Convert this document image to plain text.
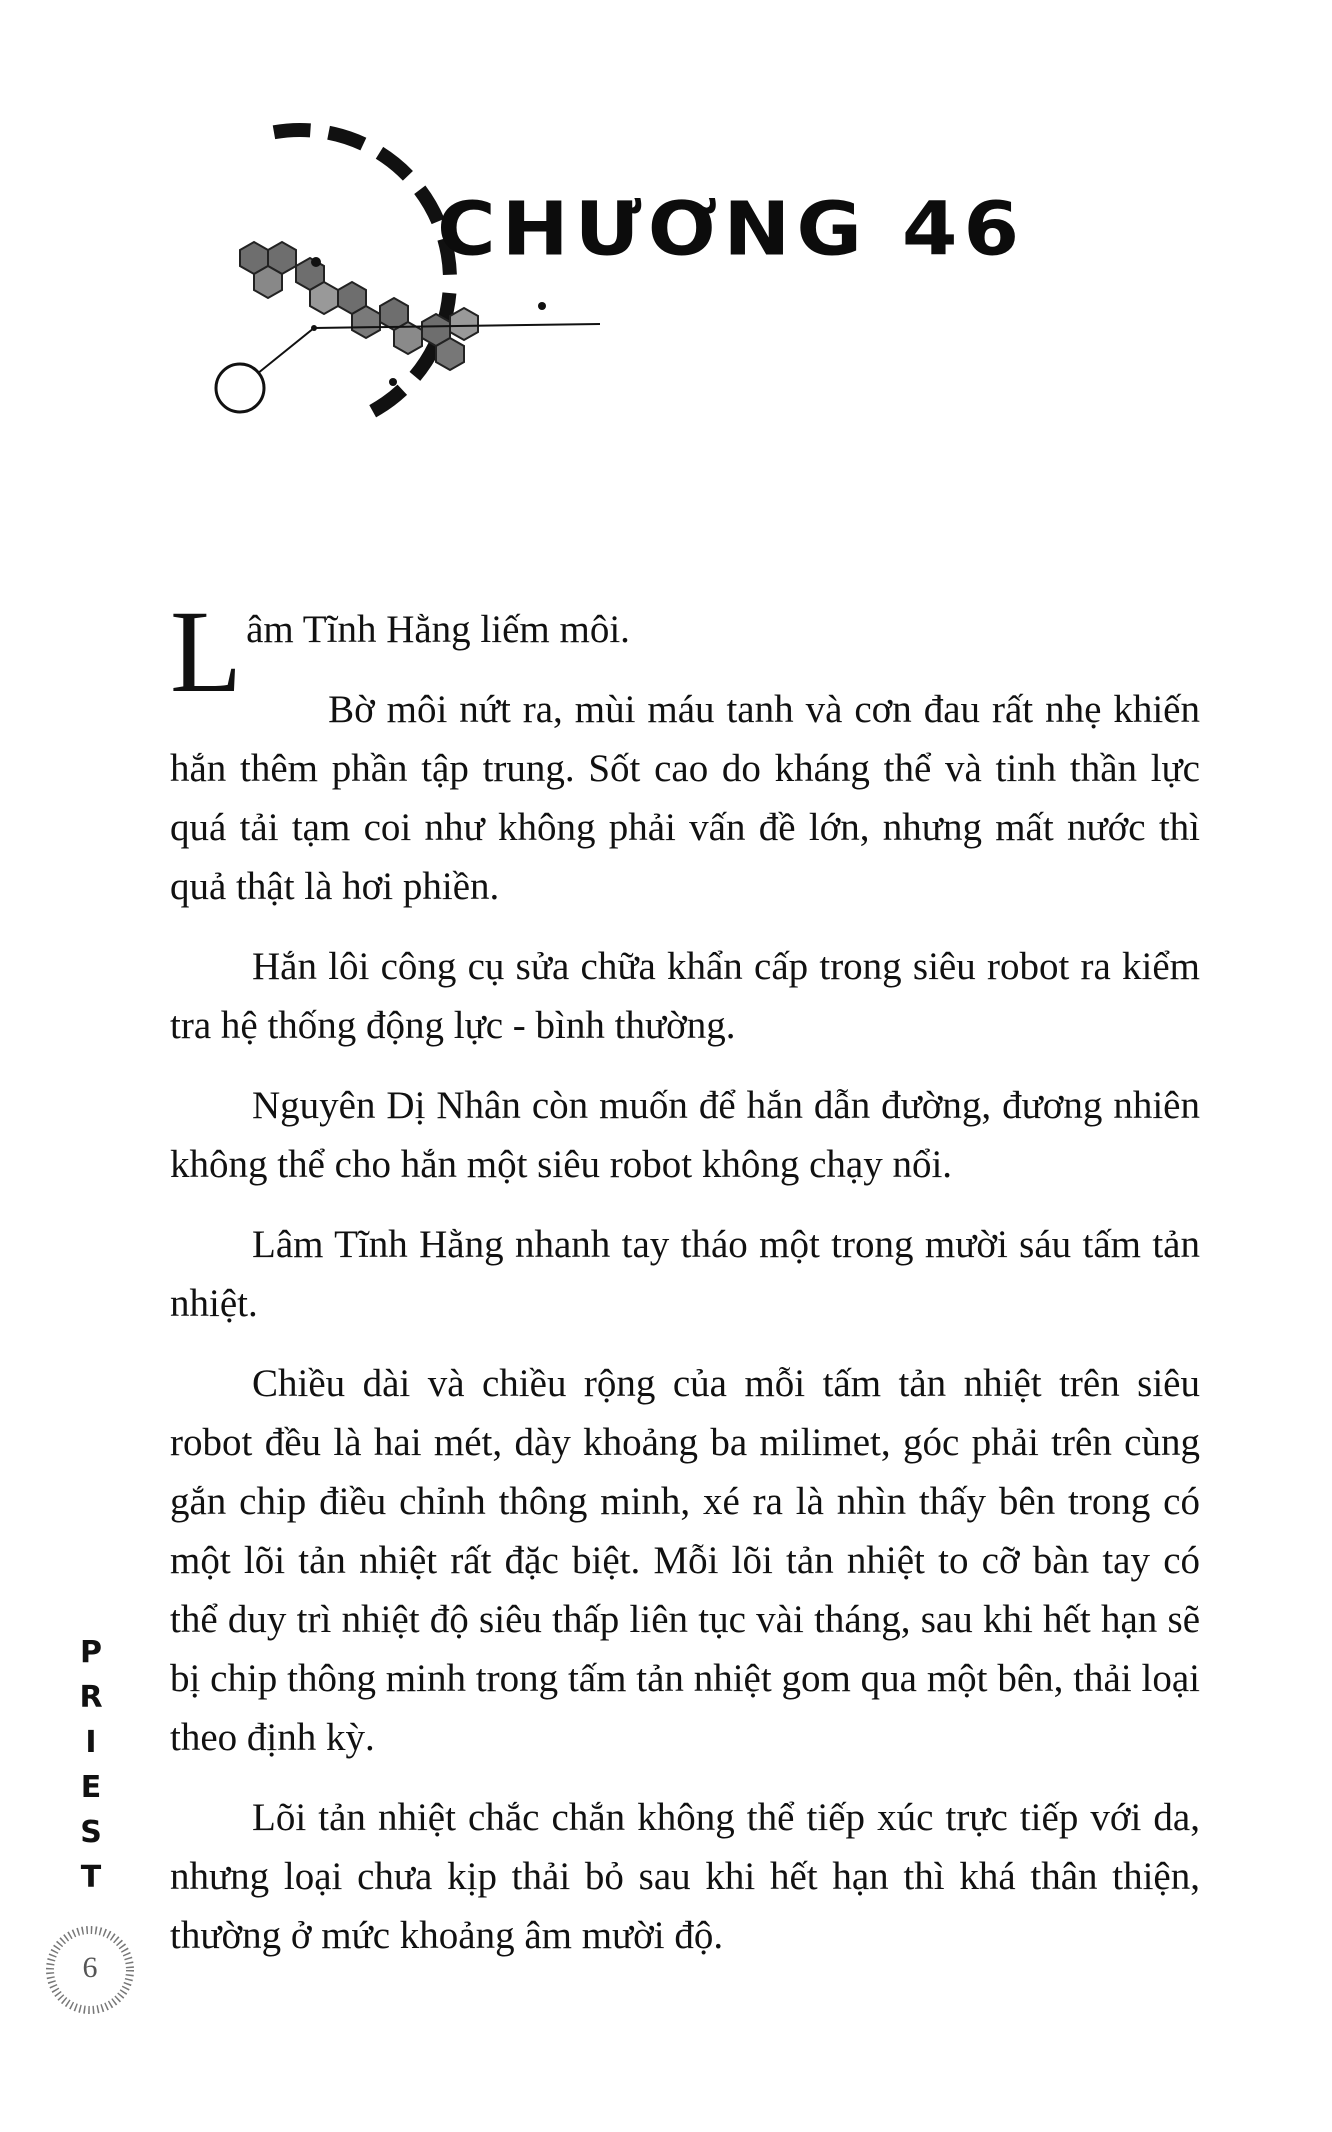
CHƯƠNG 46

Lâm Tĩnh Hằng liếm môi.

Bờ môi nứt ra, mùi máu tanh và cơn đau rất nhẹ khiến hắn thêm phần tập trung. Sốt cao do kháng thể và tinh thần lực quá tải tạm coi như không phải vấn đề lớn, nhưng mất nước thì quả thật là hơi phiền.

Hắn lôi công cụ sửa chữa khẩn cấp trong siêu robot ra kiểm tra hệ thống động lực - bình thường.

Nguyên Dị Nhân còn muốn để hắn dẫn đường, đương nhiên không thể cho hắn một siêu robot không chạy nổi.

Lâm Tĩnh Hằng nhanh tay tháo một trong mười sáu tấm tản nhiệt.

Chiều dài và chiều rộng của mỗi tấm tản nhiệt trên siêu robot đều là hai mét, dày khoảng ba milimet, góc phải trên cùng gắn chip điều chỉnh thông minh, xé ra là nhìn thấy bên trong có một lõi tản nhiệt rất đặc biệt. Mỗi lõi tản nhiệt to cỡ bàn tay có thể duy trì nhiệt độ siêu thấp liên tục vài tháng, sau khi hết hạn sẽ bị chip thông minh trong tấm tản nhiệt gom qua một bên, thải loại theo định kỳ.

Lõi tản nhiệt chắc chắn không thể tiếp xúc trực tiếp với da, nhưng loại chưa kịp thải bỏ sau khi hết hạn thì khá thân thiện, thường ở mức khoảng âm mười độ.

P
R
I
E
S
T
6
